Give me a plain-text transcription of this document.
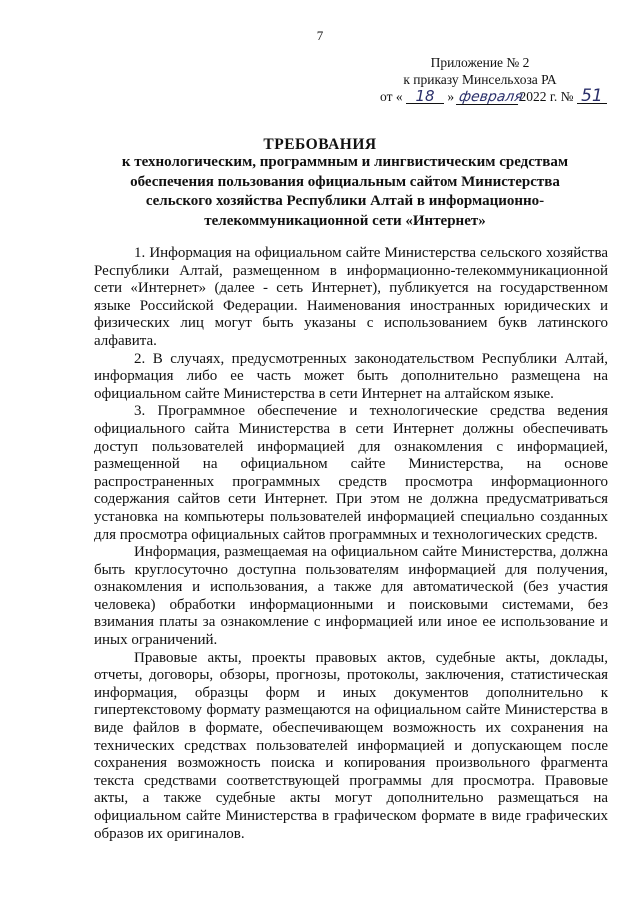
7
Приложение № 2
к приказу Минсельхоза РА
от « 18 » февраля2022 г. № 51
ТРЕБОВАНИЯ
к технологическим, программным и лингвистическим средствам обеспечения пользования официальным сайтом Министерства сельского хозяйства Республики Алтай в информационно-телекоммуникационной сети «Интернет»

1. Информация на официальном сайте Министерства сельского хозяйства Республики Алтай, размещенном в информационно-телекоммуникационной сети «Интернет» (далее - сеть Интернет), публикуется на государственном языке Российской Федерации. Наименования иностранных юридических и физических лиц могут быть указаны с использованием букв латинского алфавита.

2. В случаях, предусмотренных законодательством Республики Алтай, информация либо ее часть может быть дополнительно размещена на официальном сайте Министерства в сети Интернет на алтайском языке.

3. Программное обеспечение и технологические средства ведения официального сайта Министерства в сети Интернет должны обеспечивать доступ пользователей информацией для ознакомления с информацией, размещенной на официальном сайте Министерства, на основе распространенных программных средств просмотра информационного содержания сайтов сети Интернет. При этом не должна предусматриваться установка на компьютеры пользователей информацией специально созданных для просмотра официальных сайтов программных и технологических средств.

Информация, размещаемая на официальном сайте Министерства, должна быть круглосуточно доступна пользователям информацией для получения, ознакомления и использования, а также для автоматической (без участия человека) обработки информационными и поисковыми системами, без взимания платы за ознакомление с информацией или иное ее использование и иных ограничений.

Правовые акты, проекты правовых актов, судебные акты, доклады, отчеты, договоры, обзоры, прогнозы, протоколы, заключения, статистическая информация, образцы форм и иных документов дополнительно к гипертекстовому формату размещаются на официальном сайте Министерства в виде файлов в формате, обеспечивающем возможность их сохранения на технических средствах пользователей информацией и допускающем после сохранения возможность поиска и копирования произвольного фрагмента текста средствами соответствующей программы для просмотра. Правовые акты, а также судебные акты могут дополнительно размещаться на официальном сайте Министерства в графическом формате в виде графических образов их оригиналов.
